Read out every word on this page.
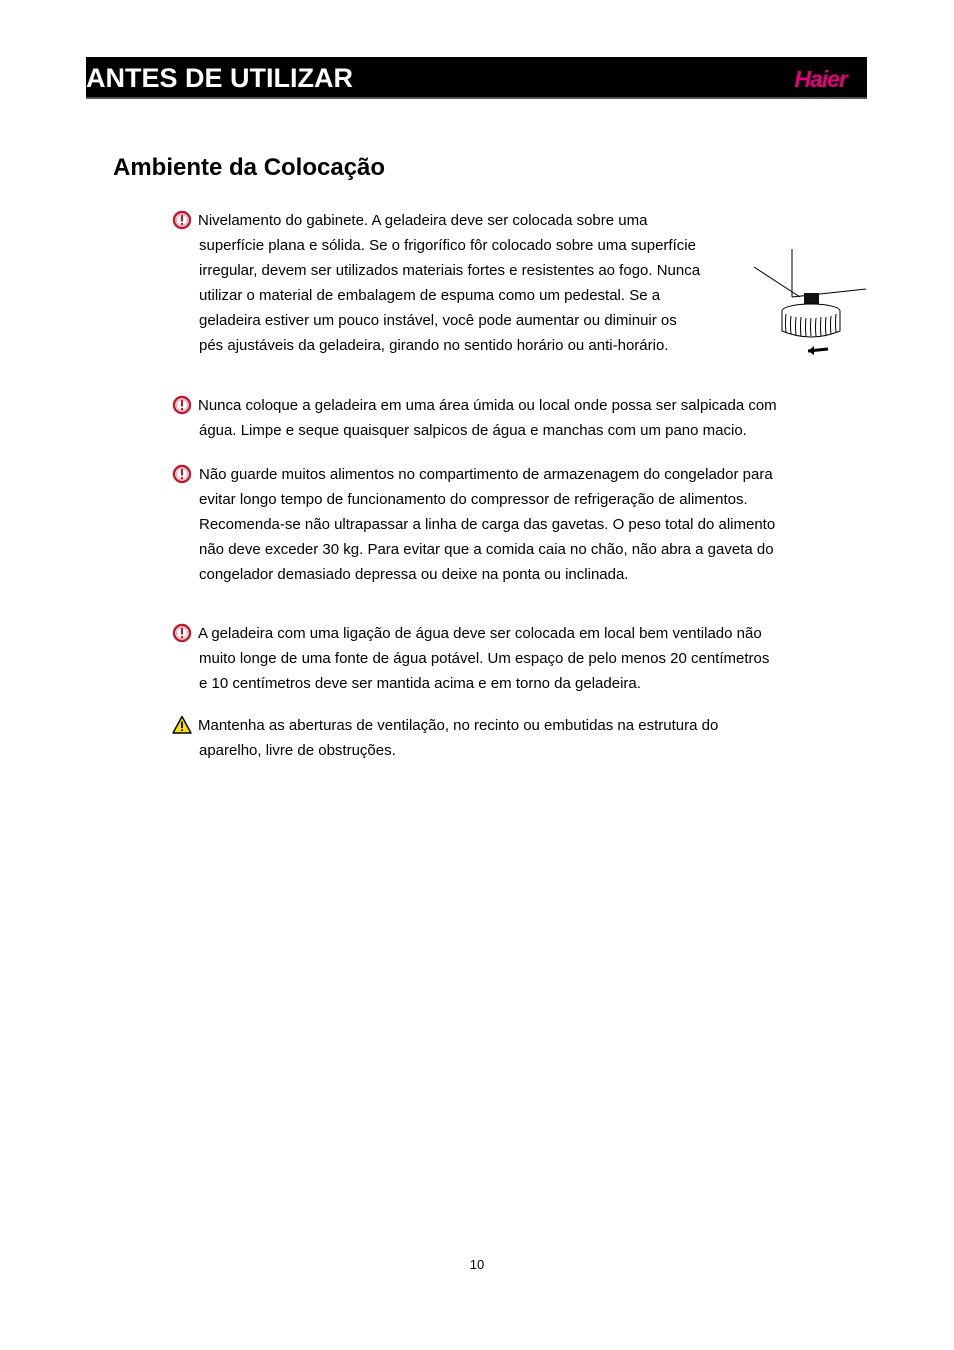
ANTES DE UTILIZAR	Haier
Ambiente da Colocação

Nivelamento do gabinete. A geladeira deve ser colocada sobre uma

superfície plana e sólida. Se o frigorífico fôr colocado sobre uma superfície

irregular, devem ser utilizados materiais fortes e resistentes ao fogo. Nunca

utilizar o material de embalagem de espuma como um pedestal. Se a

geladeira estiver um pouco instável, você pode aumentar ou diminuir os

pés ajustáveis da geladeira, girando no sentido horário ou anti-horário.

Nunca coloque a geladeira em uma área úmida ou local onde possa ser salpicada com

água. Limpe e seque quaisquer salpicos de água e manchas com um pano macio.

Não guarde muitos alimentos no compartimento de armazenagem do congelador para

evitar longo tempo de funcionamento do compressor de refrigeração de alimentos.

Recomenda-se não ultrapassar a linha de carga das gavetas. O peso total do alimento

não deve exceder 30 kg. Para evitar que a comida caia no chão, não abra a gaveta do

congelador demasiado depressa ou deixe na ponta ou inclinada.

A geladeira com uma ligação de água deve ser colocada em local bem ventilado não

muito longe de uma fonte de água potável. Um espaço de pelo menos 20 centímetros

e 10 centímetros deve ser mantida acima e em torno da geladeira.

Mantenha as aberturas de ventilação, no recinto ou embutidas na estrutura do

aparelho, livre de obstruções.

10
